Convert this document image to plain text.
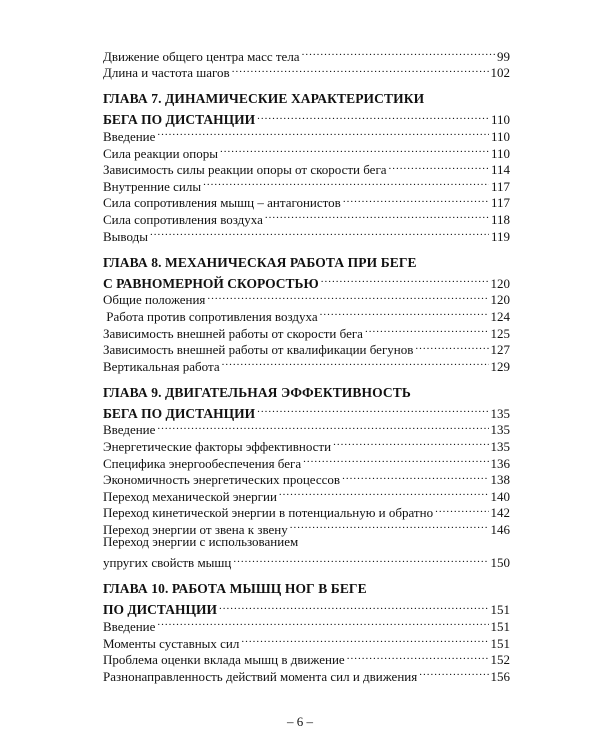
Движение общего центра масс тела .....	99
Длина и частота шагов .....	102
ГЛАВА 7. ДИНАМИЧЕСКИЕ ХАРАКТЕРИСТИКИ
БЕГА ПО ДИСТАНЦИИ .....	110
Введение .....	110
Сила реакции опоры .....	110
Зависимость силы реакции опоры от скорости бега .....	114
Внутренние силы .....	117
Сила сопротивления мышц – антагонистов .....	117
Сила сопротивления воздуха .....	118
Выводы .....	119
ГЛАВА 8. МЕХАНИЧЕСКАЯ РАБОТА ПРИ БЕГЕ
С РАВНОМЕРНОЙ СКОРОСТЬЮ .....	120
Общие положения .....	120
Работа против сопротивления воздуха .....	124
Зависимость внешней работы от скорости бега .....	125
Зависимость внешней работы от квалификации бегунов .....	127
Вертикальная работа .....	129
ГЛАВА 9. ДВИГАТЕЛЬНАЯ ЭФФЕКТИВНОСТЬ
БЕГА ПО ДИСТАНЦИИ .....	135
Введение .....	135
Энергетические факторы эффективности .....	135
Специфика энергообеспечения бега .....	136
Экономичность энергетических процессов .....	138
Переход механической энергии .....	140
Переход кинетической энергии в потенциальную и обратно .....	142
Переход энергии от звена к звену .....	146
Переход энергии с использованием
упругих свойств мышц .....	150
ГЛАВА 10. РАБОТА МЫШЦ НОГ В БЕГЕ
ПО ДИСТАНЦИИ .....	151
Введение .....	151
Моменты суставных сил .....	151
Проблема оценки вклада мышц в движение .....	152
Разнонаправленность действий момента сил и движения .....	156
– 6 –
